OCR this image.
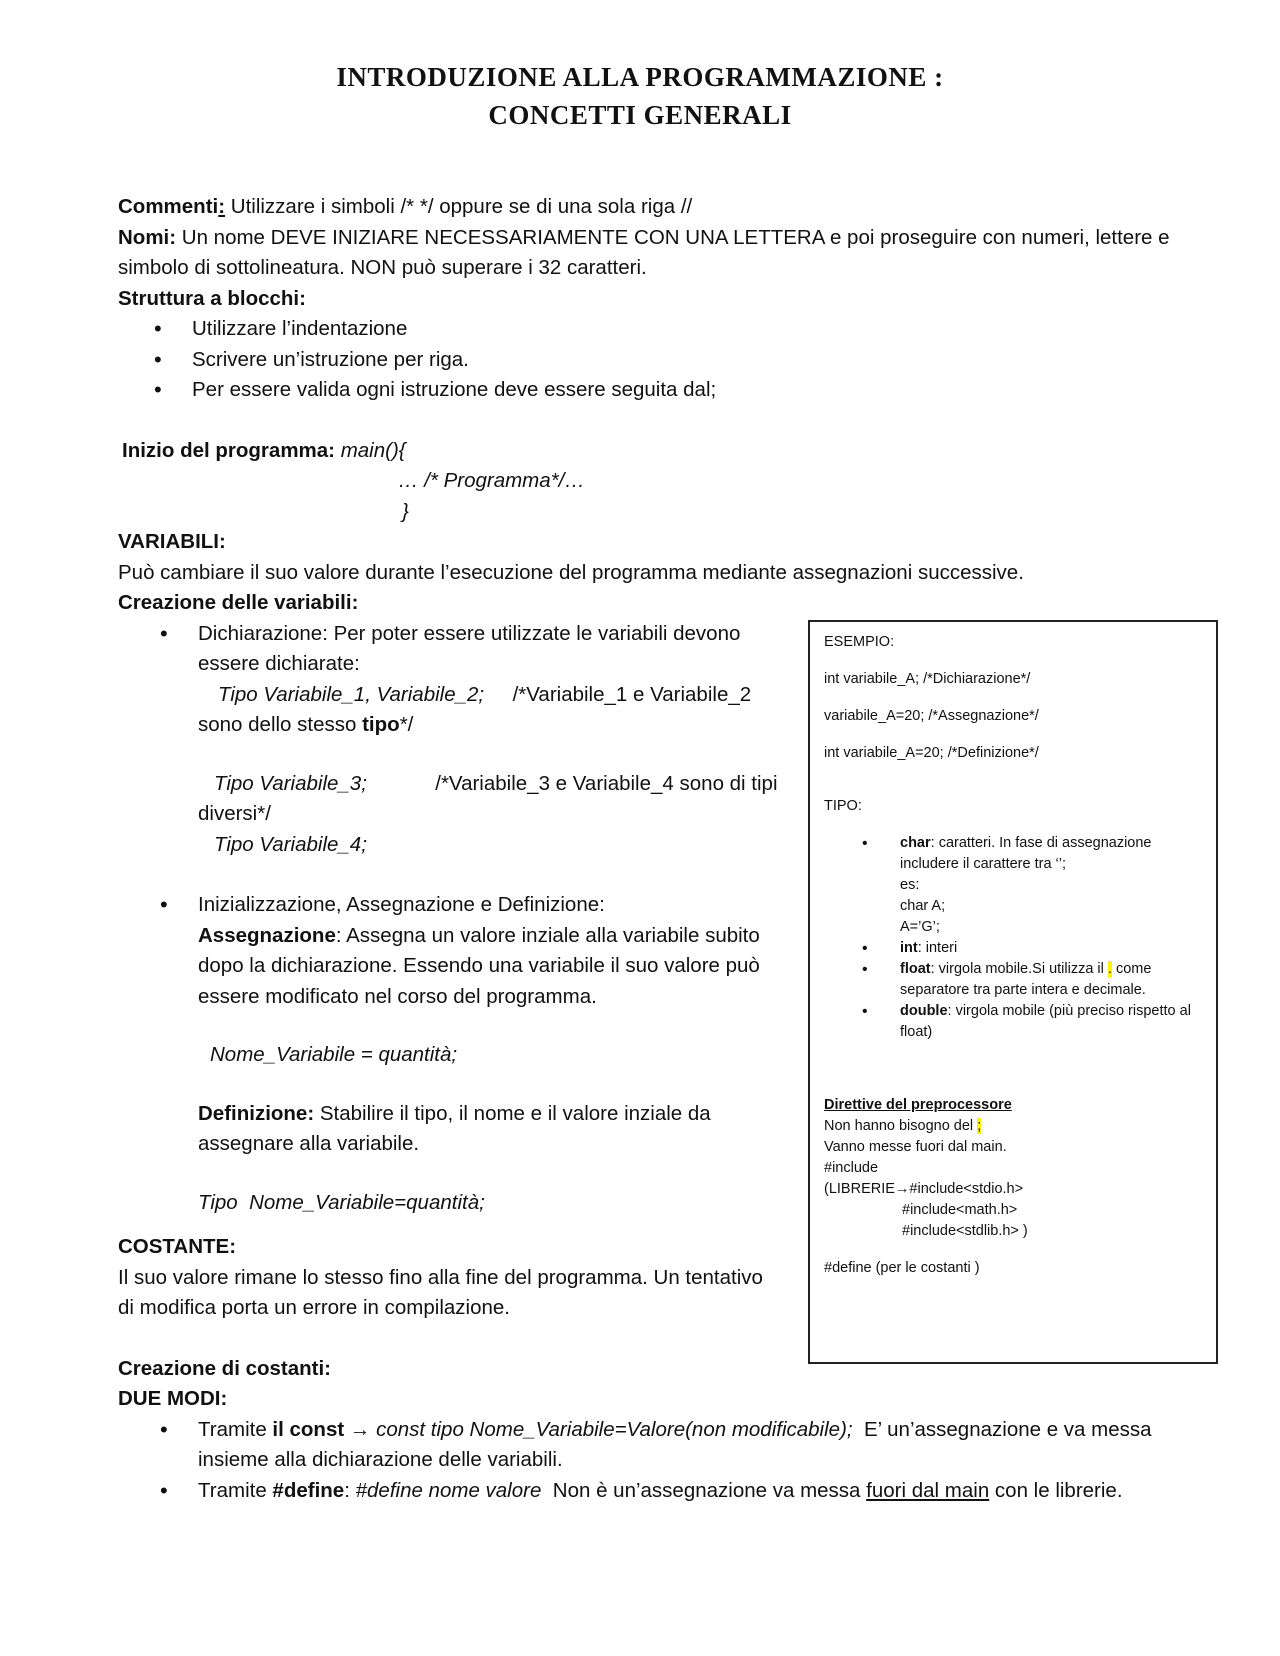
INTRODUZIONE ALLA PROGRAMMAZIONE :
CONCETTI GENERALI

Commenti: Utilizzare i simboli /* */ oppure se di una sola riga //

Nomi: Un nome DEVE INIZIARE NECESSARIAMENTE CON UNA LETTERA e poi proseguire con numeri, lettere e simbolo di sottolineatura. NON può superare i 32 caratteri.

Struttura a blocchi:

• Utilizzare l’indentazione
• Scrivere un’istruzione per riga.
• Per essere valida ogni istruzione deve essere seguita dal;

Inizio del programma: main(){

… /* Programma*/…

}

VARIABILI:

Può cambiare il suo valore durante l’esecuzione del programma mediante assegnazioni successive.

Creazione delle variabili:

• Dichiarazione: Per poter essere utilizzate le variabili devono essere dichiarate:
Tipo Variabile_1, Variabile_2;     /*Variabile_1 e Variabile_2 sono dello stesso tipo*/

Tipo Variabile_3;            /*Variabile_3 e Variabile_4 sono di tipi diversi*/
Tipo Variabile_4;
• Inizializzazione, Assegnazione e Definizione:
Assegnazione: Assegna un valore inziale alla variabile subito dopo la dichiarazione. Essendo una variabile il suo valore può essere modificato nel corso del programma.

Nome_Variabile = quantità;
Definizione: Stabilire il tipo, il nome e il valore inziale da assegnare alla variabile.

Tipo  Nome_Variabile=quantità;

COSTANTE:

Il suo valore rimane lo stesso fino alla fine del programma. Un tentativo di modifica porta un errore in compilazione.

Creazione di costanti:

DUE MODI:

• Tramite il const → const tipo Nome_Variabile=Valore(non modificabile);  E’ un’assegnazione e va messa insieme alla dichiarazione delle variabili.
• Tramite #define: #define nome valore  Non è un’assegnazione va messa fuori dal main con le librerie.

ESEMPIO:

int variabile_A; /*Dichiarazione*/

variabile_A=20; /*Assegnazione*/

int variabile_A=20; /*Definizione*/

TIPO:

• char: caratteri. In fase di assegnazione includere il carattere tra ‘’;
es:
char A;
A=’G’;
• int: interi
• float: virgola mobile.Si utilizza il . come separatore tra parte intera e decimale.
• double: virgola mobile (più preciso rispetto al float)

Direttive del preprocessore

Non hanno bisogno del ;

Vanno messe fuori dal main.

#include

(LIBRERIE→#include<stdio.h>

#include<math.h>

#include<stdlib.h> )

#define (per le costanti )
